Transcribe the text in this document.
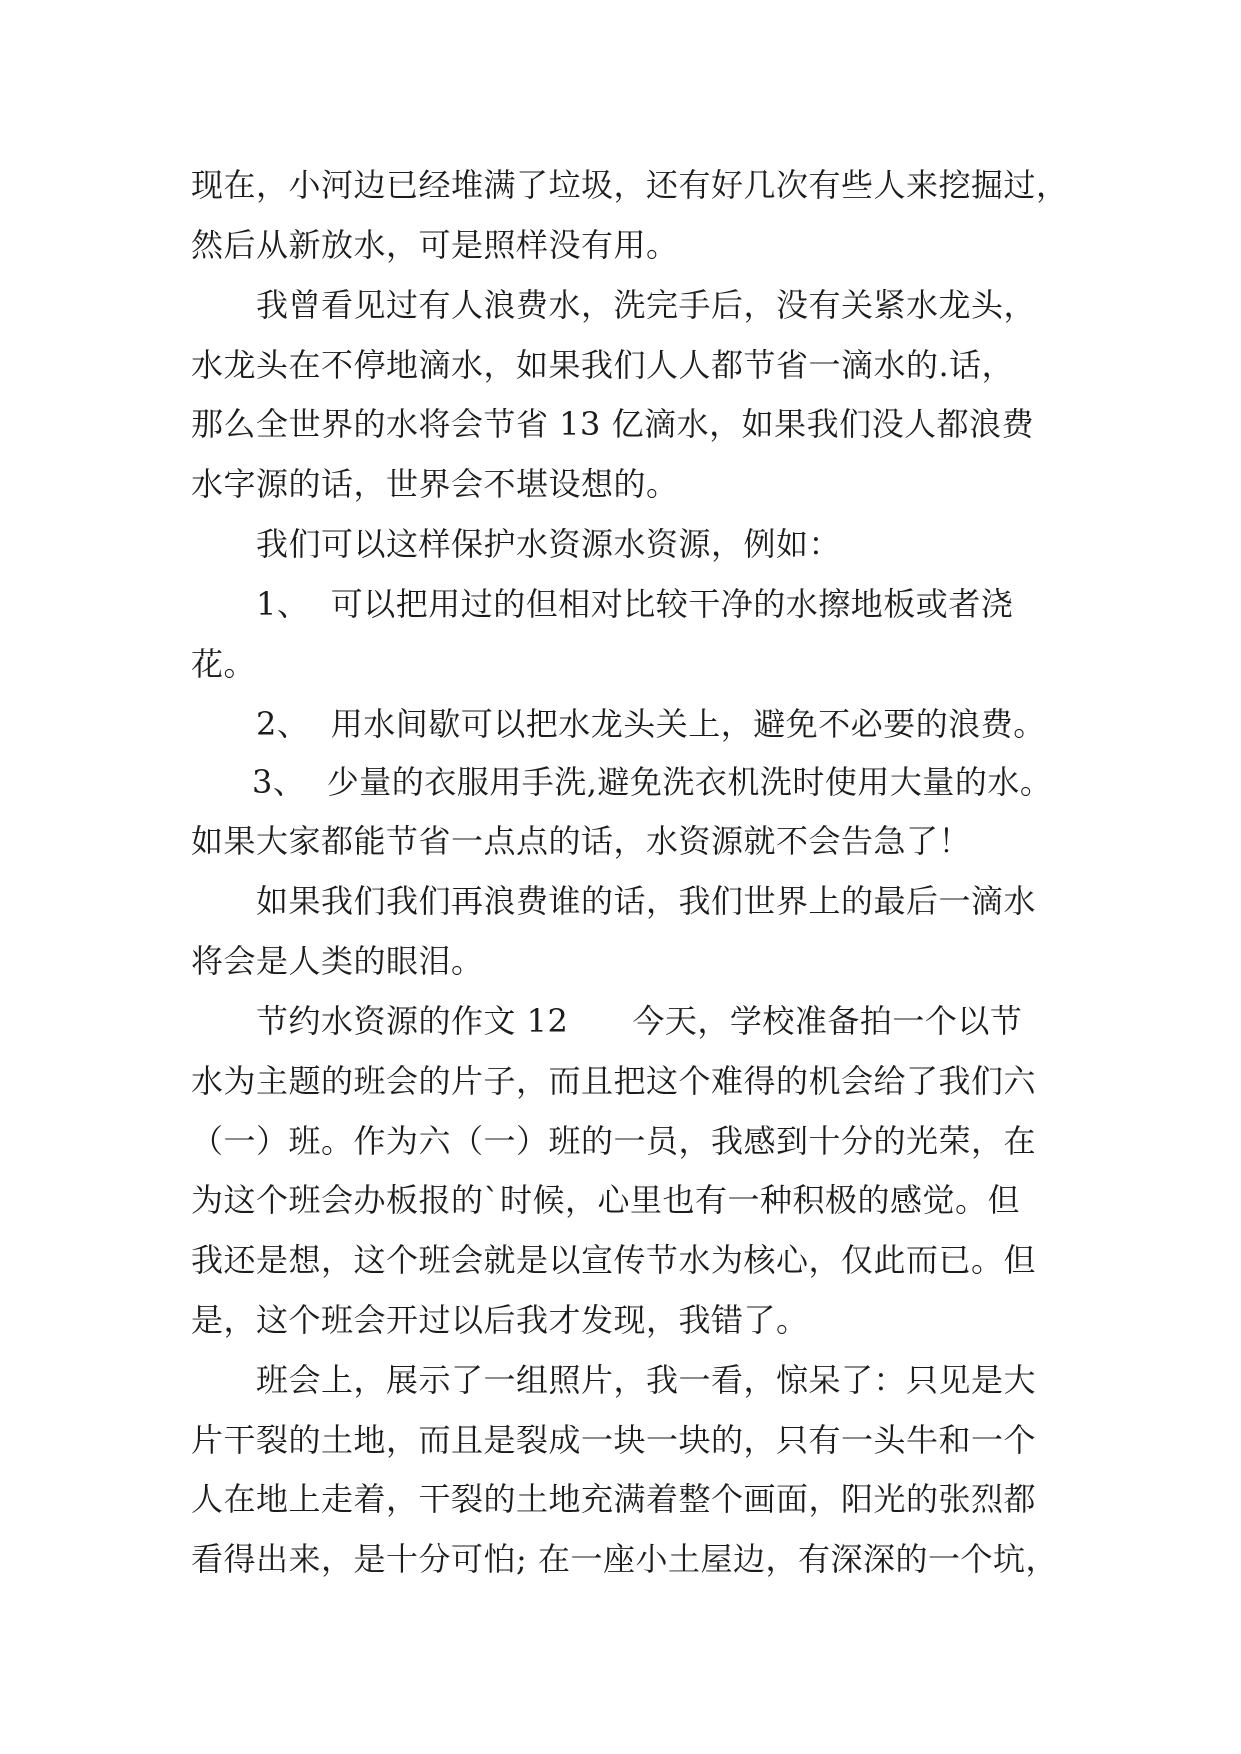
现在，小河边已经堆满了垃圾，还有好几次有些人来挖掘过，
然后从新放水，可是照样没有用。
我曾看见过有人浪费水，洗完手后，没有关紧水龙头，
水龙头在不停地滴水，如果我们人人都节省一滴水的.话，
那么全世界的水将会节省 13 亿滴水，如果我们没人都浪费
水字源的话，世界会不堪设想的。
我们可以这样保护水资源水资源，例如：
1、  可以把用过的但相对比较干净的水擦地板或者浇
花。
2、  用水间歇可以把水龙头关上，避免不必要的浪费。
3、  少量的衣服用手洗,避免洗衣机洗时使用大量的水。
如果大家都能节省一点点的话，水资源就不会告急了！
如果我们我们再浪费谁的话，我们世界上的最后一滴水
将会是人类的眼泪。
节约水资源的作文 12      今天，学校准备拍一个以节
水为主题的班会的片子，而且把这个难得的机会给了我们六
（一）班。作为六（一）班的一员，我感到十分的光荣，在
为这个班会办板报的`时候，心里也有一种积极的感觉。但
我还是想，这个班会就是以宣传节水为核心，仅此而已。但
是，这个班会开过以后我才发现，我错了。
班会上，展示了一组照片，我一看，惊呆了：只见是大
片干裂的土地，而且是裂成一块一块的，只有一头牛和一个
人在地上走着，干裂的土地充满着整个画面，阳光的张烈都
看得出来，是十分可怕; 在一座小土屋边，有深深的一个坑，
